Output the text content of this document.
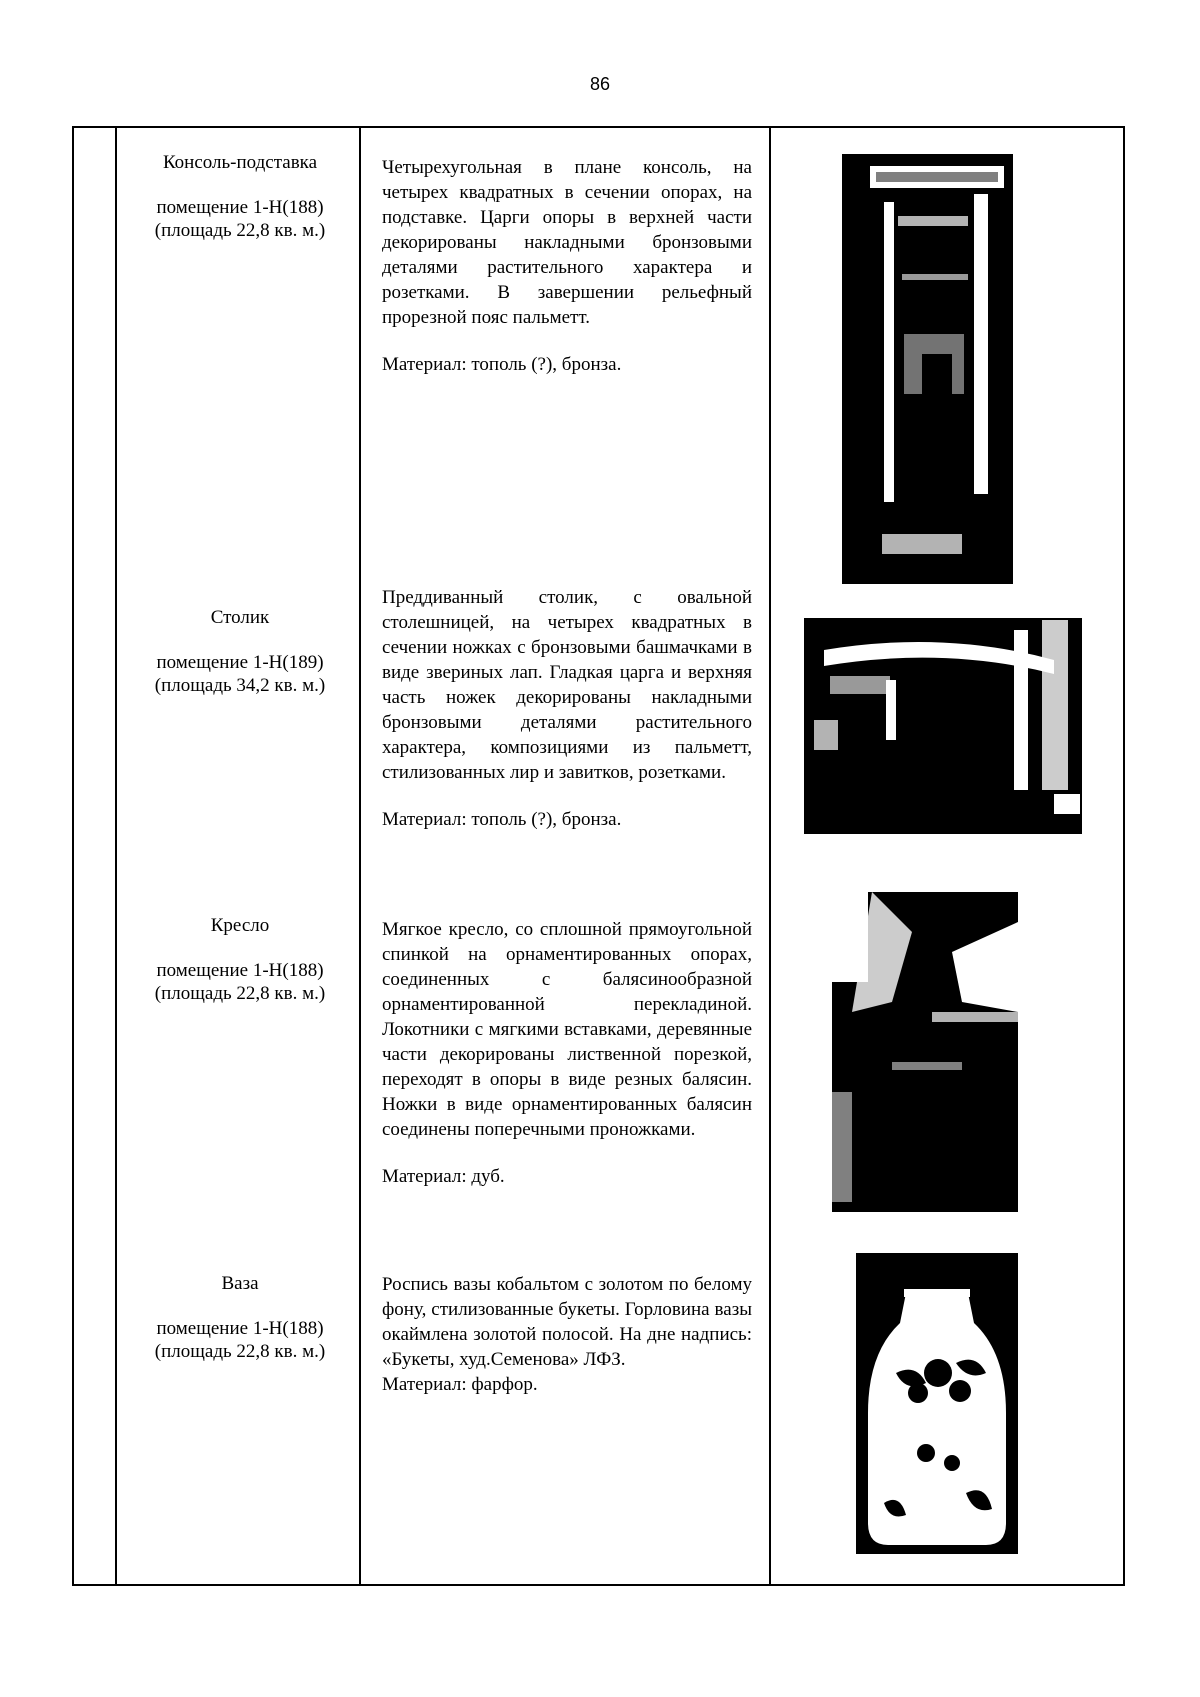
86
Консоль-подставка
помещение 1-Н(188)
(площадь 22,8 кв. м.)

Четырехугольная в плане консоль, на четырех квадратных в сечении опорах, на подставке. Царги опоры в верхней части декорированы накладными бронзовыми деталями растительного характера и розетками. В завершении рельефный прорезной пояс пальметт.

Материал: тополь (?), бронза.

Столик
помещение 1-Н(189)
(площадь 34,2 кв. м.)

Преддиванный столик, с овальной столешницей, на четырех квадратных в сечении ножках с бронзовыми башмачками в виде звериных лап. Гладкая царга и верхняя часть ножек декорированы накладными бронзовыми деталями растительного характера, композициями из пальметт, стилизованных лир и завитков, розетками.

Материал: тополь (?), бронза.

Кресло
помещение 1-Н(188)
(площадь 22,8 кв. м.)

Мягкое кресло, со сплошной прямоугольной спинкой на орнаментированных опорах, соединенных с балясинообразной орнаментированной перекладиной. Локотники с мягкими вставками, деревянные части декорированы лиственной порезкой, переходят в опоры в виде резных балясин. Ножки в виде орнаментированных балясин соединены поперечными проножками.

Материал: дуб.

Ваза
помещение 1-Н(188)
(площадь 22,8 кв. м.)

Роспись вазы кобальтом с золотом по белому фону, стилизованные букеты. Горловина вазы окаймлена золотой полосой. На дне надпись: «Букеты, худ.Семенова» ЛФЗ.

Материал: фарфор.
